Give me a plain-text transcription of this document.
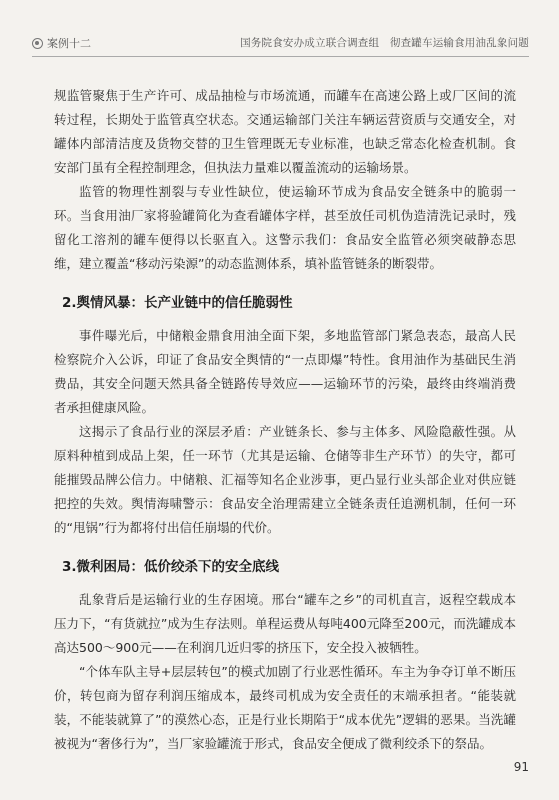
案例十二	国务院食安办成立联合调查组　彻查罐车运输食用油乱象问题

规监管聚焦于生产许可、成品抽检与市场流通，而罐车在高速公路上或厂区间的流转过程，长期处于监管真空状态。交通运输部门关注车辆运营资质与交通安全，对罐体内部清洁度及货物交替的卫生管理既无专业标准，也缺乏常态化检查机制。食安部门虽有全程控制理念，但执法力量难以覆盖流动的运输场景。

监管的物理性割裂与专业性缺位，使运输环节成为食品安全链条中的脆弱一环。当食用油厂家将验罐简化为查看罐体字样，甚至放任司机伪造清洗记录时，残留化工溶剂的罐车便得以长驱直入。这警示我们：食品安全监管必须突破静态思维，建立覆盖“移动污染源”的动态监测体系，填补监管链条的断裂带。

2.舆情风暴：长产业链中的信任脆弱性

事件曝光后，中储粮金鼎食用油全面下架，多地监管部门紧急表态，最高人民检察院介入公诉，印证了食品安全舆情的“一点即爆”特性。食用油作为基础民生消费品，其安全问题天然具备全链路传导效应——运输环节的污染，最终由终端消费者承担健康风险。

这揭示了食品行业的深层矛盾：产业链条长、参与主体多、风险隐蔽性强。从原料种植到成品上架，任一环节（尤其是运输、仓储等非生产环节）的失守，都可能摧毁品牌公信力。中储粮、汇福等知名企业涉事，更凸显行业头部企业对供应链把控的失效。舆情海啸警示：食品安全治理需建立全链条责任追溯机制，任何一环的“甩锅”行为都将付出信任崩塌的代价。

3.微利困局：低价绞杀下的安全底线

乱象背后是运输行业的生存困境。邢台“罐车之乡”的司机直言，返程空载成本压力下，“有货就拉”成为生存法则。单程运费从每吨400元降至200元，而洗罐成本高达500～900元——在利润几近归零的挤压下，安全投入被牺牲。

“个体车队主导+层层转包”的模式加剧了行业恶性循环。车主为争夺订单不断压价，转包商为留存利润压缩成本，最终司机成为安全责任的末端承担者。“能装就装，不能装就算了”的漠然心态，正是行业长期陷于“成本优先”逻辑的恶果。当洗罐被视为“奢侈行为”，当厂家验罐流于形式，食品安全便成了微利绞杀下的祭品。

91
